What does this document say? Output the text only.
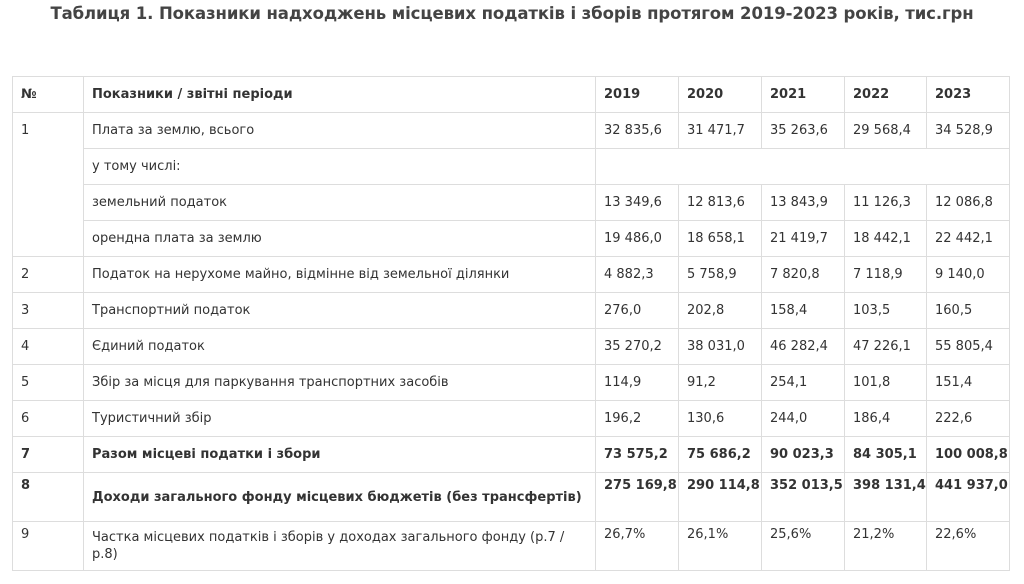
Таблиця 1. Показники надходжень місцевих податків і зборів протягом 2019-2023 років, тис.грн
№	Показники / звітні періоди	2019	2020	2021	2022	2023
1	Плата за землю, всього	32 835,6	31 471,7	35 263,6	29 568,4	34 528,9
	у тому числі:					
	земельний податок	13 349,6	12 813,6	13 843,9	11 126,3	12 086,8
	орендна плата за землю	19 486,0	18 658,1	21 419,7	18 442,1	22 442,1
2	Податок на нерухоме майно, відмінне від земельної ділянки	4 882,3	5 758,9	7 820,8	7 118,9	9 140,0
3	Транспортний податок	276,0	202,8	158,4	103,5	160,5
4	Єдиний податок	35 270,2	38 031,0	46 282,4	47 226,1	55 805,4
5	Збір за місця для паркування транспортних засобів	114,9	91,2	254,1	101,8	151,4
6	Туристичний збір	196,2	130,6	244,0	186,4	222,6
7	Разом місцеві податки і збори	73 575,2	75 686,2	90 023,3	84 305,1	100 008,8
8	Доходи загального фонду місцевих бюджетів (без трансфертів)	275 169,8	290 114,8	352 013,5	398 131,4	441 937,0
9	Частка місцевих податків і зборів у доходах загального фонду (р.7 / р.8)	26,7%	26,1%	25,6%	21,2%	22,6%
